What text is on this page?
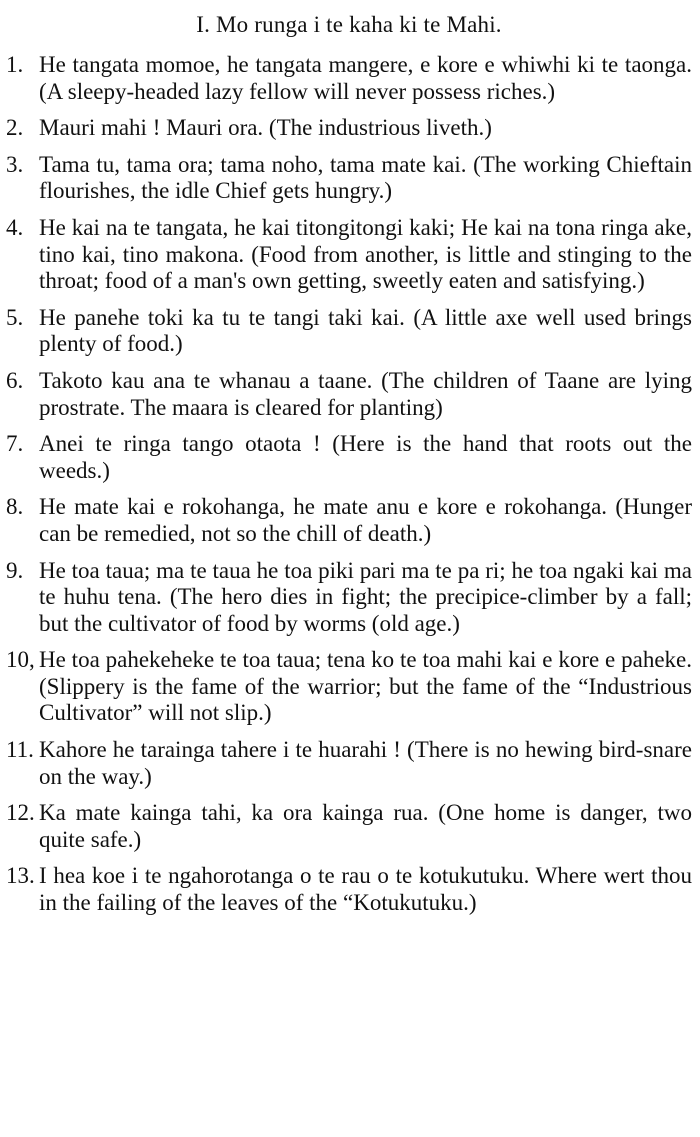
I. Mo runga i te kaha ki te Mahi.
1. He tangata momoe, he tangata mangere, e kore e whiwhi ki te taonga. (A sleepy-headed lazy fellow will never possess riches.)
2. Mauri mahi ! Mauri ora. (The industrious liveth.)
3. Tama tu, tama ora; tama noho, tama mate kai. (The working Chieftain flourishes, the idle Chief gets hungry.)
4. He kai na te tangata, he kai titongitongi kaki; He kai na tona ringa ake, tino kai, tino makona. (Food from another, is little and stinging to the throat; food of a man's own getting, sweetly eaten and satisfying.)
5. He panehe toki ka tu te tangi taki kai. (A little axe well used brings plenty of food.)
6. Takoto kau ana te whanau a taane. (The children of Taane are lying prostrate. The maara is cleared for planting)
7. Anei te ringa tango otaota ! (Here is the hand that roots out the weeds.)
8. He mate kai e rokohanga, he mate anu e kore e rokohanga. (Hunger can be remedied, not so the chill of death.)
9. He toa taua; ma te taua he toa piki pari ma te pa ri; he toa ngaki kai ma te huhu tena. (The hero dies in fight; the precipice-climber by a fall; but the cultivator of food by worms (old age.)
10, He toa pahekeheke te toa taua; tena ko te toa mahi kai e kore e paheke. (Slippery is the fame of the warrior; but the fame of the “Industrious Cultivator” will not slip.)
11. Kahore he tarainga tahere i te huarahi ! (There is no hewing bird-snare on the way.)
12. Ka mate kainga tahi, ka ora kainga rua. (One home is danger, two quite safe.)
13. I hea koe i te ngahorotanga o te rau o te kotukutuku. Where wert thou in the failing of the leaves of the “Kotukutuku.)
